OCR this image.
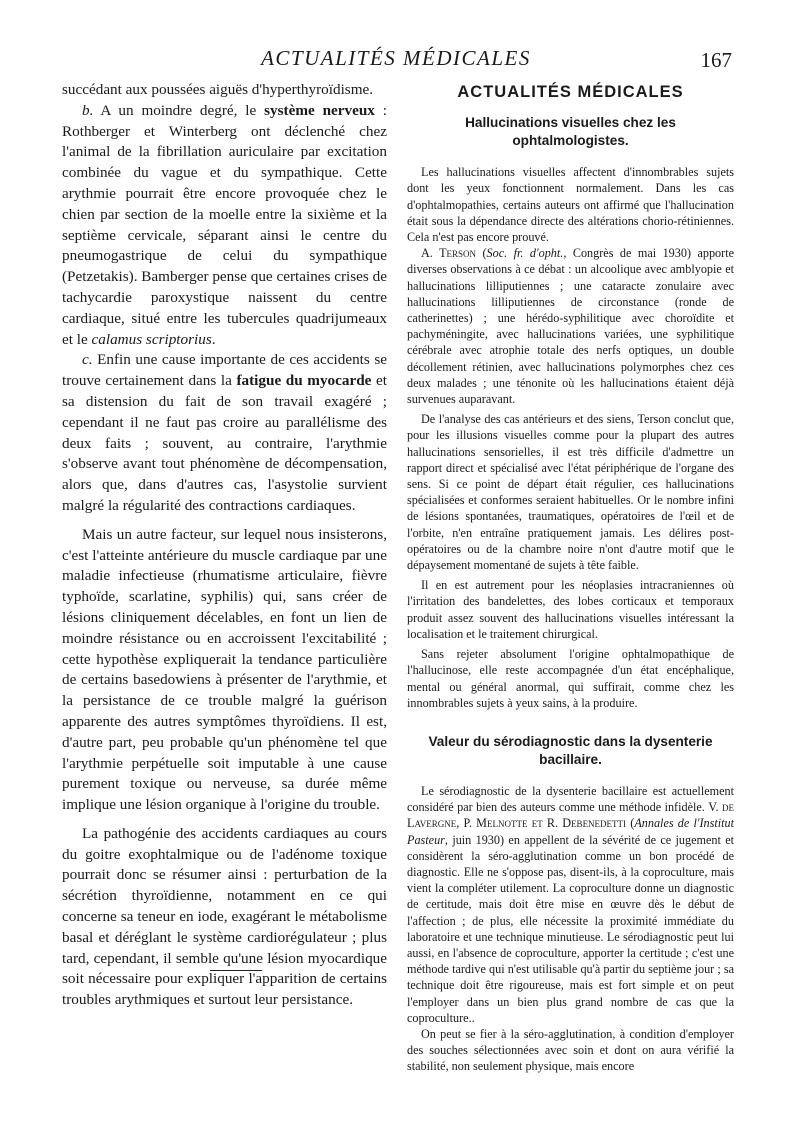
ACTUALITÉS MÉDICALES	167

succédant aux poussées aiguës d'hyperthyroïdisme.

b. A un moindre degré, le système nerveux : Rothberger et Winterberg ont déclenché chez l'animal de la fibrillation auriculaire par excitation combinée du vague et du sympathique. Cette arythmie pourrait être encore provoquée chez le chien par section de la moelle entre la sixième et la septième cervicale, séparant ainsi le centre du pneumogastrique de celui du sympathique (Petzetakis). Bamberger pense que certaines crises de tachycardie paroxystique naissent du centre cardiaque, situé entre les tubercules quadrijumeaux et le calamus scriptorius.

c. Enfin une cause importante de ces accidents se trouve certainement dans la fatigue du myocarde et sa distension du fait de son travail exagéré ; cependant il ne faut pas croire au parallélisme des deux faits ; souvent, au contraire, l'arythmie s'observe avant tout phénomène de décompensation, alors que, dans d'autres cas, l'asystolie survient malgré la régularité des contractions cardiaques.

Mais un autre facteur, sur lequel nous insisterons, c'est l'atteinte antérieure du muscle cardiaque par une maladie infectieuse (rhumatisme articulaire, fièvre typhoïde, scarlatine, syphilis) qui, sans créer de lésions cliniquement décelables, en font un lien de moindre résistance ou en accroissent l'excitabilité ; cette hypothèse expliquerait la tendance particulière de certains basedowiens à présenter de l'arythmie, et la persistance de ce trouble malgré la guérison apparente des autres symptômes thyroïdiens. Il est, d'autre part, peu probable qu'un phénomène tel que l'arythmie perpétuelle soit imputable à une cause purement toxique ou nerveuse, sa durée même implique une lésion organique à l'origine du trouble.

La pathogénie des accidents cardiaques au cours du goitre exophtalmique ou de l'adénome toxique pourrait donc se résumer ainsi : perturbation de la sécrétion thyroïdienne, notamment en ce qui concerne sa teneur en iode, exagérant le métabolisme basal et déréglant le système cardiorégulateur ; plus tard, cependant, il semble qu'une lésion myocardique soit nécessaire pour expliquer l'apparition de certains troubles arythmiques et surtout leur persistance.

ACTUALITÉS MÉDICALES
Hallucinations visuelles chez les ophtalmologistes.

Les hallucinations visuelles affectent d'innombrables sujets dont les yeux fonctionnent normalement. Dans les cas d'ophtalmopathies, certains auteurs ont affirmé que l'hallucination était sous la dépendance directe des altérations chorio-rétiniennes. Cela n'est pas encore prouvé.

A. Terson (Soc. fr. d'opht., Congrès de mai 1930) apporte diverses observations à ce débat : un alcoolique avec amblyopie et hallucinations lilliputiennes ; une cataracte zonulaire avec hallucinations lilliputiennes de circonstance (ronde de catherinettes) ; une hérédo-syphilitique avec choroïdite et pachyméningite, avec hallucinations variées, une syphilitique cérébrale avec atrophie totale des nerfs optiques, un double décollement rétinien, avec hallucinations polymorphes chez ces deux malades ; une ténonite où les hallucinations étaient déjà survenues auparavant.

De l'analyse des cas antérieurs et des siens, Terson conclut que, pour les illusions visuelles comme pour la plupart des autres hallucinations sensorielles, il est très difficile d'admettre un rapport direct et spécialisé avec l'état périphérique de l'organe des sens. Si ce point de départ était régulier, ces hallucinations spécialisées et conformes seraient habituelles. Or le nombre infini de lésions spontanées, traumatiques, opératoires de l'œil et de l'orbite, n'en entraîne pratiquement jamais. Les délires post-opératoires ou de la chambre noire n'ont d'autre motif que le dépaysement momentané de sujets à tête faible.

Il en est autrement pour les néoplasies intracraniennes où l'irritation des bandelettes, des lobes corticaux et temporaux produit assez souvent des hallucinations visuelles intéressant la localisation et le traitement chirurgical.

Sans rejeter absolument l'origine ophtalmopathique de l'hallucinose, elle reste accompagnée d'un état encéphalique, mental ou général anormal, qui suffirait, comme chez les innombrables sujets à yeux sains, à la produire.

Valeur du sérodiagnostic dans la dysenterie bacillaire.

Le sérodiagnostic de la dysenterie bacillaire est actuellement considéré par bien des auteurs comme une méthode infidèle. V. de Lavergne, P. Melnotte et R. Debenedetti (Annales de l'Institut Pasteur, juin 1930) en appellent de la sévérité de ce jugement et considèrent la séro-agglutination comme un bon procédé de diagnostic. Elle ne s'oppose pas, disent-ils, à la coproculture, mais vient la compléter utilement. La coproculture donne un diagnostic de certitude, mais doit être mise en œuvre dès le début de l'affection ; de plus, elle nécessite la proximité immédiate du laboratoire et une technique minutieuse. Le sérodiagnostic peut lui aussi, en l'absence de coproculture, apporter la certitude ; c'est une méthode tardive qui n'est utilisable qu'à partir du septième jour ; sa technique doit être rigoureuse, mais est fort simple et on peut l'employer dans un bien plus grand nombre de cas que la coproculture..

On peut se fier à la séro-agglutination, à condition d'employer des souches sélectionnées avec soin et dont on aura vérifié la stabilité, non seulement physique, mais encore
